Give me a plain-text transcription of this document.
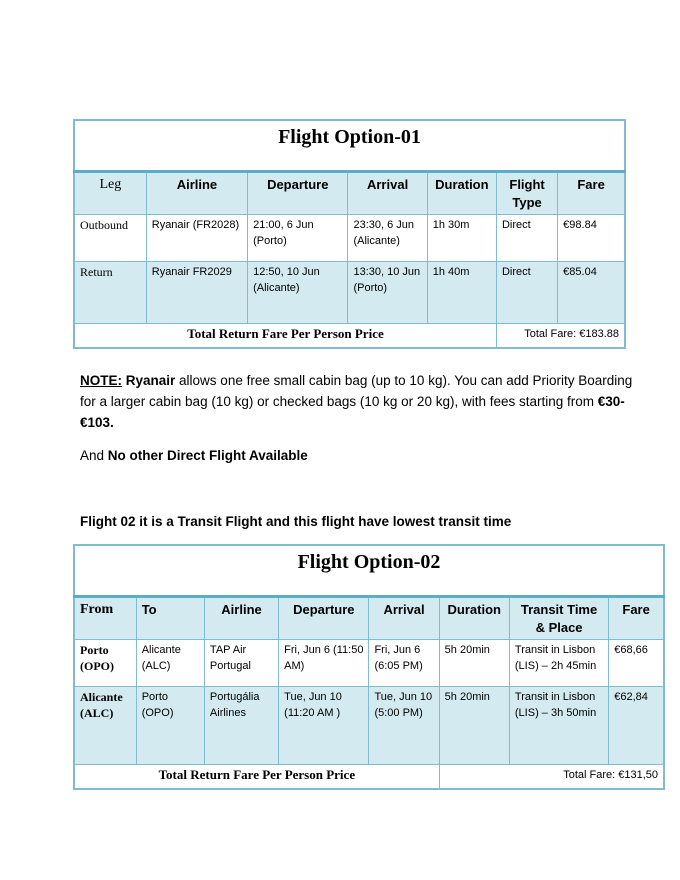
Flight Option-01						
Leg	Airline	Departure	Arrival	Duration	Flight Type	Fare
Outbound	Ryanair (FR2028)	21:00, 6 Jun (Porto)	23:30, 6 Jun (Alicante)	1h 30m	Direct	€98.84
Return	Ryanair FR2029	12:50, 10 Jun (Alicante)	13:30, 10 Jun (Porto)	1h 40m	Direct	€85.04
Total Return Fare Per Person Price					Total Fare: €183.88	
NOTE: Ryanair allows one free small cabin bag (up to 10 kg). You can add Priority Boarding for a larger cabin bag (10 kg) or checked bags (10 kg or 20 kg), with fees starting from €30-€103.
And No other Direct Flight Available
Flight 02 it is a Transit Flight and this flight have lowest transit time
Flight Option-02							
From	To	Airline	Departure	Arrival	Duration	Transit Time & Place	Fare
Porto (OPO)	Alicante (ALC)	TAP Air Portugal	Fri, Jun 6 (11:50 AM)	Fri, Jun 6 (6:05 PM)	5h 20min	Transit in Lisbon (LIS) – 2h 45min	€68,66
Alicante (ALC)	Porto (OPO)	Portugália Airlines	Tue, Jun 10 (11:20 AM )	Tue, Jun 10 (5:00 PM)	5h 20min	Transit in Lisbon (LIS) – 3h 50min	€62,84
Total Return Fare Per Person Price					Total Fare: €131,50		
